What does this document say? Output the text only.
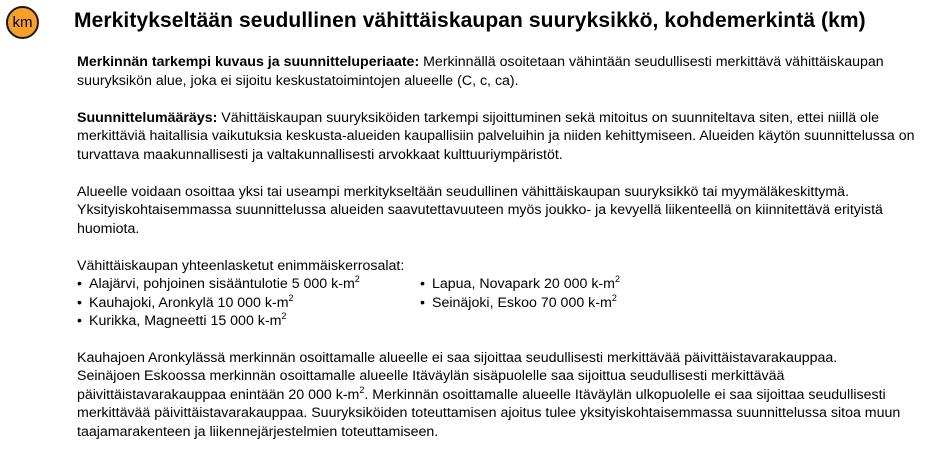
km Merkitykseltään seudullinen vähittäiskaupan suuryksikkö, kohdemerkintä (km)

Merkinnän tarkempi kuvaus ja suunnitteluperiaate: Merkinnällä osoitetaan vähintään seudullisesti merkittävä vähittäiskaupan suuryksikön alue, joka ei sijoitu keskustatoimintojen alueelle (C, c, ca).

Suunnittelumääräys: Vähittäiskaupan suuryksiköiden tarkempi sijoittuminen sekä mitoitus on suunniteltava siten, ettei niillä ole merkittäviä haitallisia vaikutuksia keskusta-alueiden kaupallisiin palveluihin ja niiden kehittymiseen. Alueiden käytön suunnittelussa on turvattava maakunnallisesti ja valtakunnallisesti arvokkaat kulttuuriympäristöt.

Alueelle voidaan osoittaa yksi tai useampi merkitykseltään seudullinen vähittäiskaupan suuryksikkö tai myymäläkeskittymä. Yksityiskohtaisemmassa suunnittelussa alueiden saavutettavuuteen myös joukko- ja kevyellä liikenteellä on kiinnitettävä erityistä huomiota.

Vähittäiskaupan yhteenlasketut enimmäiskerrosalat:
• Alajärvi, pohjoinen sisääntulotie 5 000 $k-m^2$
• Kauhajoki, Aronkylä 10 000 $k-m^2$
• Kurikka, Magneetti 15 000 $k-m^2$
• Lapua, Novapark 20 000 $k-m^2$
• Seinäjoki, Eskoo 70 000 $k-m^2$

Kauhajoen Aronkylässä merkinnän osoittamalle alueelle ei saa sijoittaa seudullisesti merkittävää päivittäistavarakauppaa.

Seinäjoen Eskoossa merkinnän osoittamalle alueelle Itäväylän sisäpuolelle saa sijoittua seudullisesti merkittävää päivittäistavarakauppaa enintään 20 000 $k-m^2$. Merkinnän osoittamalle alueelle Itäväylän ulkopuolelle ei saa sijoittaa seudullisesti merkittävää päivittäistavarakauppaa. Suuryksiköiden toteuttamisen ajoitus tulee yksityiskohtaisemmassa suunnittelussa sitoa muun taajamarakenteen ja liikennejärjestelmien toteuttamiseen.
